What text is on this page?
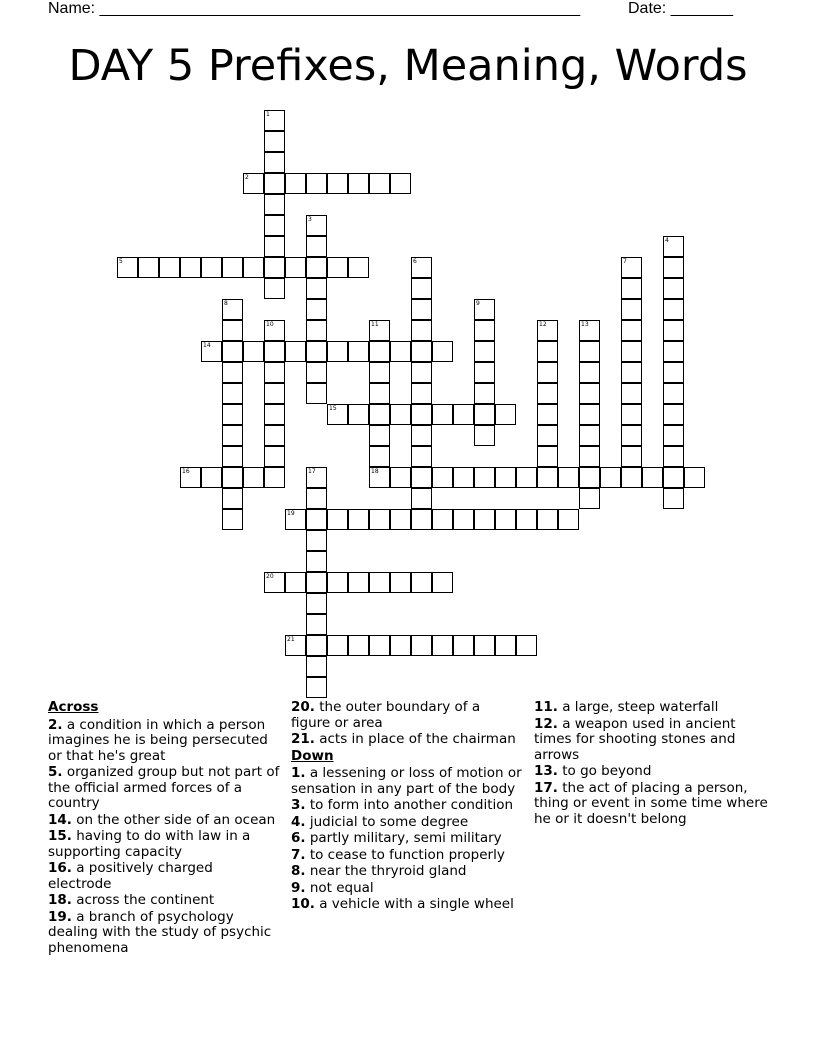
Name: ______________________________________________________	Date: _______
DAY 5 Prefixes, Meaning, Words
1
2
3
4
5	6	7
8	9
10	11
18
12	13
14
15
16	17
19
20
21
Across
2. a condition in which a person imagines he is being persecuted or that he's great
5. organized group but not part of the official armed forces of a country
14. on the other side of an ocean
15. having to do with law in a supporting capacity
16. a positively charged electrode
18. across the continent
19. a branch of psychology dealing with the study of psychic phenomena
20. the outer boundary of a figure or area
21. acts in place of the chairman
Down
1. a lessening or loss of motion or sensation in any part of the body
3. to form into another condition
4. judicial to some degree
6. partly military, semi military
7. to cease to function properly
8. near the thryroid gland
9. not equal
10. a vehicle with a single wheel
11. a large, steep waterfall
12. a weapon used in ancient times for shooting stones and arrows
13. to go beyond
17. the act of placing a person, thing or event in some time where he or it doesn't belong
